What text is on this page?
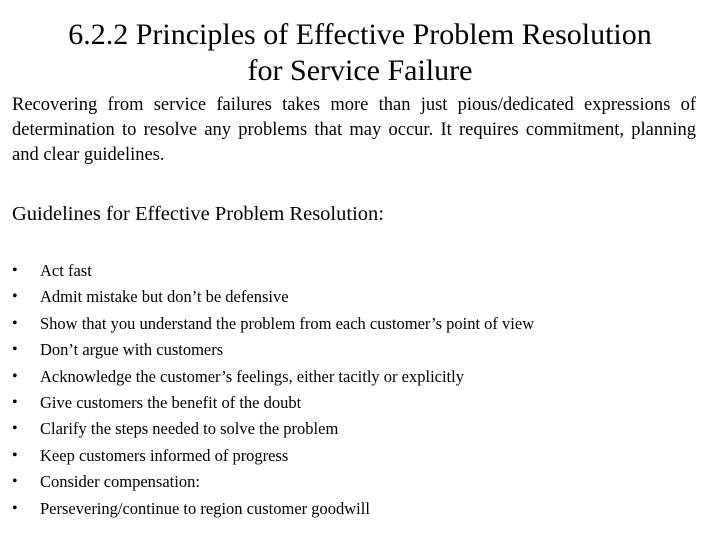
6.2.2 Principles of Effective Problem Resolution
for Service Failure

Recovering from service failures takes more than just pious/dedicated expressions of determination to resolve any problems that may occur. It requires commitment, planning and clear guidelines.

Guidelines for Effective Problem Resolution:

•	Act fast
•	Admit mistake but don’t be defensive
•	Show that you understand the problem from each customer’s point of view
•	Don’t argue with customers
•	Acknowledge the customer’s feelings, either tacitly or explicitly
•	Give customers the benefit of the doubt
•	Clarify the steps needed to solve the problem
•	Keep customers informed of progress
•	Consider compensation:
•	Persevering/continue to region customer goodwill
